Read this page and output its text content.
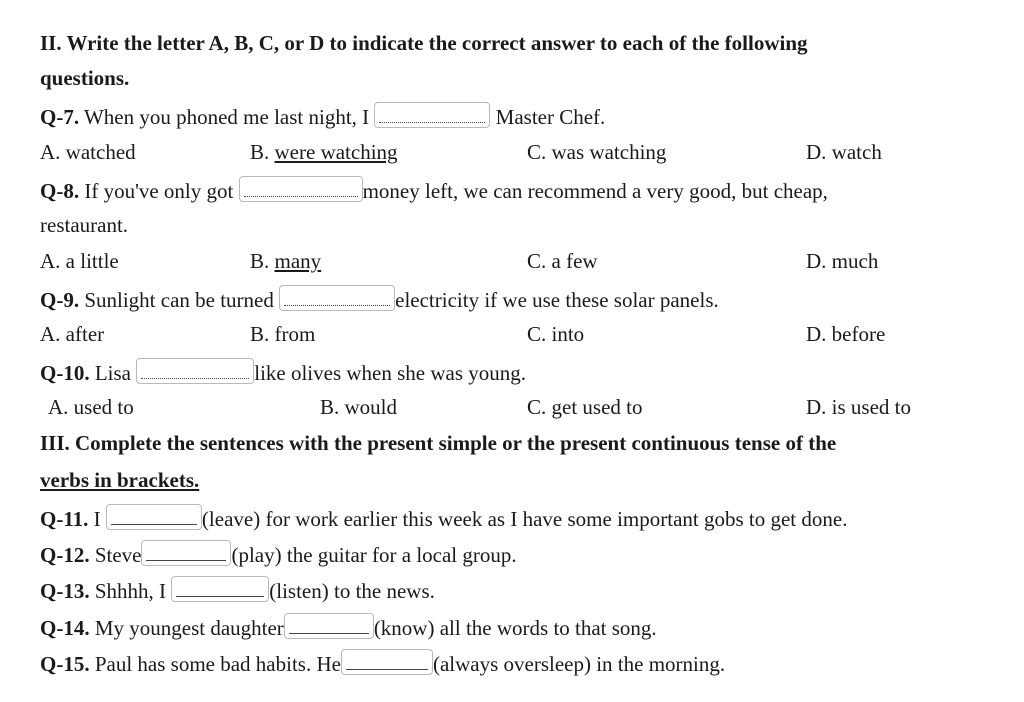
II. Write the letter A, B, C, or D to indicate the correct answer to each of the following
questions.
Q-7. When you phoned me last night, I	Master Chef.
A. watched	B. were watching	C. was watching	D. watch
Q-8. If you've only got	money left, we can recommend a very good, but cheap,
restaurant.
A. a little	B. many	C. a few	D. much
Q-9. Sunlight can be turned	electricity if we use these solar panels.
A. after	B. from	C. into	D. before
Q-10. Lisa	like olives when she was young.
A. used to	B. would	C. get used to	D. is used to
III. Complete the sentences with the present simple or the present continuous tense of the
verbs in brackets.
Q-11. I	(leave) for work earlier this week as I have some important gobs to get done.
Q-12. Steve	(play) the guitar for a local group.
Q-13. Shhhh, I	(listen) to the news.
Q-14. My youngest daughter	(know) all the words to that song.
Q-15. Paul has some bad habits. He	(always oversleep) in the morning.
